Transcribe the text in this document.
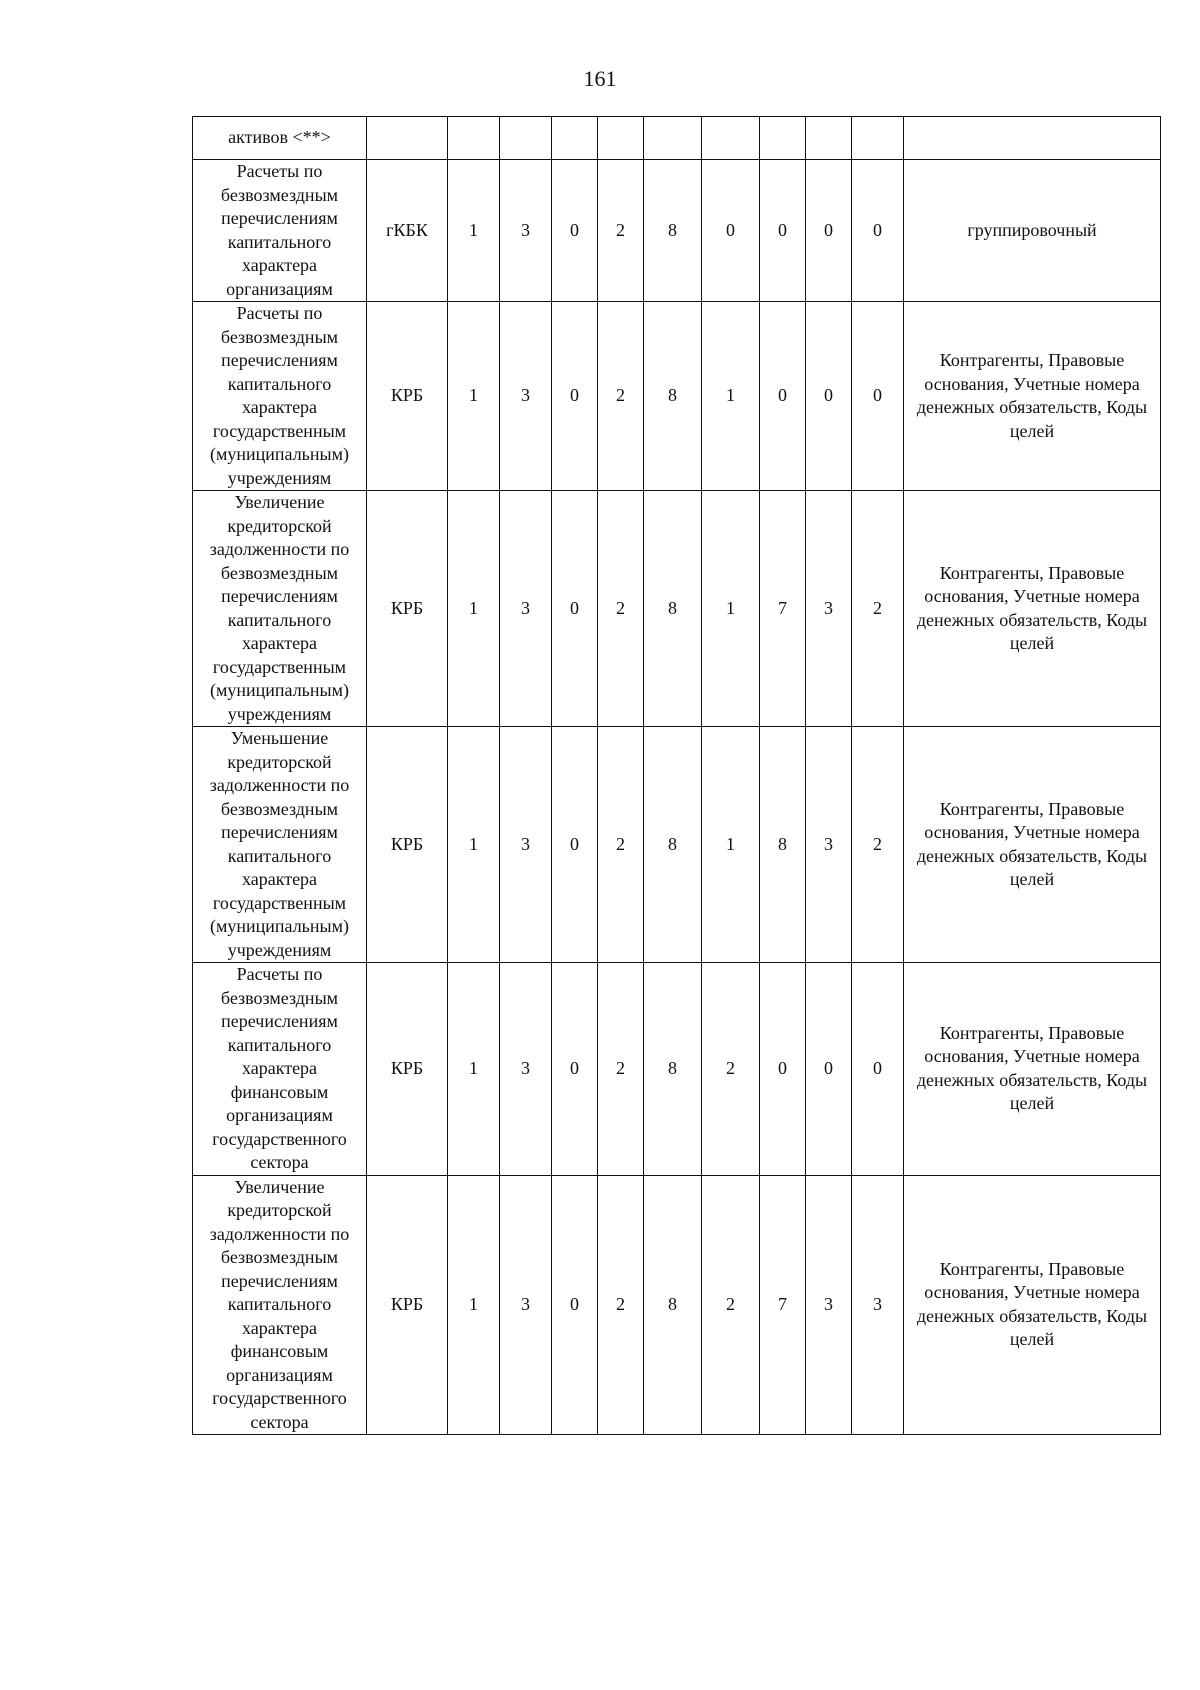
161
активов <**>											
Расчеты по безвозмездным перечислениям капитального характера организациям	гКБК	1	3	0	2	8	0	0	0	0	группировочный
Расчеты по безвозмездным перечислениям капитального характера государственным (муниципальным) учреждениям	КРБ	1	3	0	2	8	1	0	0	0	Контрагенты, Правовые основания, Учетные номера денежных обязательств, Коды целей
Увеличение кредиторской задолженности по безвозмездным перечислениям капитального характера государственным (муниципальным) учреждениям	КРБ	1	3	0	2	8	1	7	3	2	Контрагенты, Правовые основания, Учетные номера денежных обязательств, Коды целей
Уменьшение кредиторской задолженности по безвозмездным перечислениям капитального характера государственным (муниципальным) учреждениям	КРБ	1	3	0	2	8	1	8	3	2	Контрагенты, Правовые основания, Учетные номера денежных обязательств, Коды целей
Расчеты по безвозмездным перечислениям капитального характера финансовым организациям государственного сектора	КРБ	1	3	0	2	8	2	0	0	0	Контрагенты, Правовые основания, Учетные номера денежных обязательств, Коды целей
Увеличение кредиторской задолженности по безвозмездным перечислениям капитального характера финансовым организациям государственного сектора	КРБ	1	3	0	2	8	2	7	3	3	Контрагенты, Правовые основания, Учетные номера денежных обязательств, Коды целей
